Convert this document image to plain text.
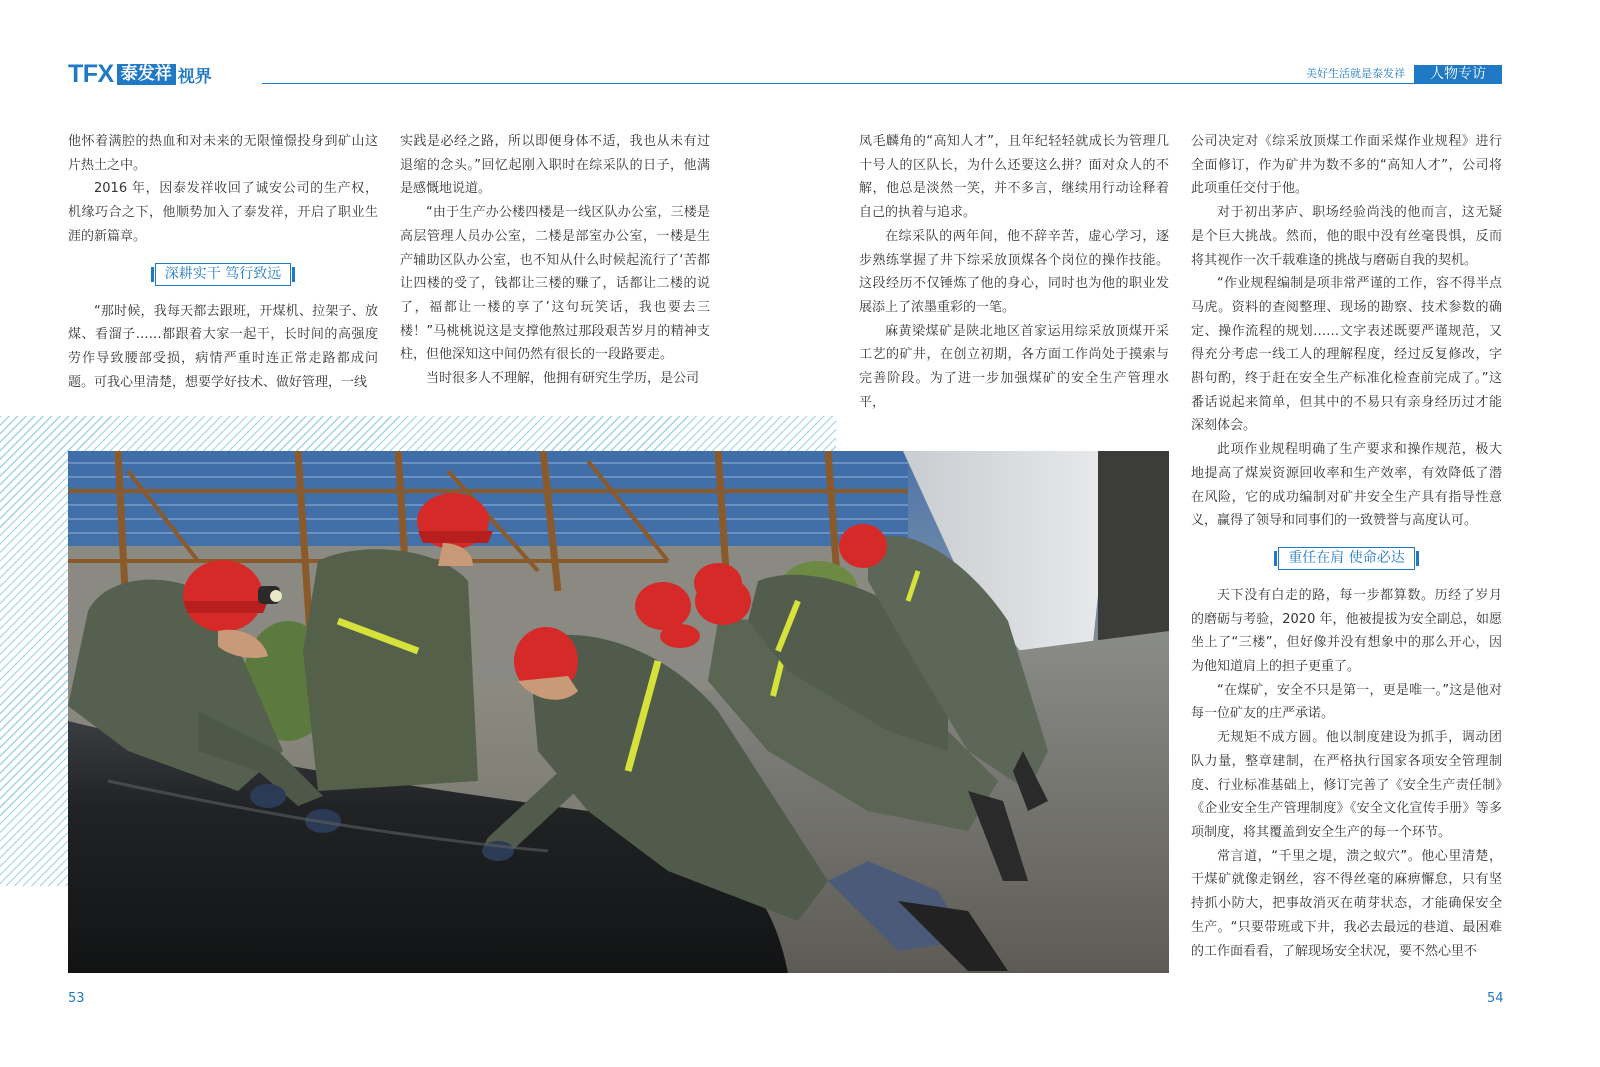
TFX 泰发祥 视界	美好生活就是泰发祥	人物专访

他怀着满腔的热血和对未来的无限憧憬投身到矿山这片热土之中。

2016 年，因泰发祥收回了诚安公司的生产权，机缘巧合之下，他顺势加入了泰发祥，开启了职业生涯的新篇章。

深耕实干 笃行致远

“那时候，我每天都去跟班，开煤机、拉架子、放煤、看溜子……都跟着大家一起干，长时间的高强度劳作导致腰部受损，病情严重时连正常走路都成问题。可我心里清楚，想要学好技术、做好管理，一线

实践是必经之路，所以即便身体不适，我也从未有过退缩的念头。”回忆起刚入职时在综采队的日子，他满是感慨地说道。

“由于生产办公楼四楼是一线区队办公室，三楼是高层管理人员办公室，二楼是部室办公室，一楼是生产辅助区队办公室，也不知从什么时候起流行了‘苦都让四楼的受了，钱都让三楼的赚了，话都让二楼的说了，福都让一楼的享了’这句玩笑话，我也要去三楼！”马桃桃说这是支撑他熬过那段艰苦岁月的精神支柱，但他深知这中间仍然有很长的一段路要走。

当时很多人不理解，他拥有研究生学历，是公司

凤毛麟角的“高知人才”，且年纪轻轻就成长为管理几十号人的区队长，为什么还要这么拼？面对众人的不解，他总是淡然一笑，并不多言，继续用行动诠释着自己的执着与追求。

在综采队的两年间，他不辞辛苦，虚心学习，逐步熟练掌握了井下综采放顶煤各个岗位的操作技能。这段经历不仅锤炼了他的身心，同时也为他的职业发展添上了浓墨重彩的一笔。

麻黄梁煤矿是陕北地区首家运用综采放顶煤开采工艺的矿井，在创立初期，各方面工作尚处于摸索与完善阶段。为了进一步加强煤矿的安全生产管理水平，

公司决定对《综采放顶煤工作面采煤作业规程》进行全面修订，作为矿井为数不多的“高知人才”，公司将此项重任交付于他。

对于初出茅庐、职场经验尚浅的他而言，这无疑是个巨大挑战。然而，他的眼中没有丝毫畏惧，反而将其视作一次千载难逢的挑战与磨砺自我的契机。

“作业规程编制是项非常严谨的工作，容不得半点马虎。资料的查阅整理、现场的勘察、技术参数的确定、操作流程的规划……文字表述既要严谨规范，又得充分考虑一线工人的理解程度，经过反复修改，字斟句酌，终于赶在安全生产标准化检查前完成了。”这番话说起来简单，但其中的不易只有亲身经历过才能深刻体会。

此项作业规程明确了生产要求和操作规范，极大地提高了煤炭资源回收率和生产效率，有效降低了潜在风险，它的成功编制对矿井安全生产具有指导性意义，赢得了领导和同事们的一致赞誉与高度认可。

重任在肩 使命必达

天下没有白走的路，每一步都算数。历经了岁月的磨砺与考验，2020 年，他被提拔为安全副总，如愿坐上了“三楼”，但好像并没有想象中的那么开心，因为他知道肩上的担子更重了。

“在煤矿，安全不只是第一，更是唯一。”这是他对每一位矿友的庄严承诺。

无规矩不成方圆。他以制度建设为抓手，调动团队力量，整章建制，在严格执行国家各项安全管理制度、行业标准基础上，修订完善了《安全生产责任制》《企业安全生产管理制度》《安全文化宣传手册》等多项制度，将其覆盖到安全生产的每一个环节。

常言道，“千里之堤，溃之蚁穴”。他心里清楚，干煤矿就像走钢丝，容不得丝毫的麻痹懈怠，只有坚持抓小防大，把事故消灭在萌芽状态，才能确保安全生产。“只要带班或下井，我必去最远的巷道、最困难的工作面看看，了解现场安全状况，要不然心里不

53	54
